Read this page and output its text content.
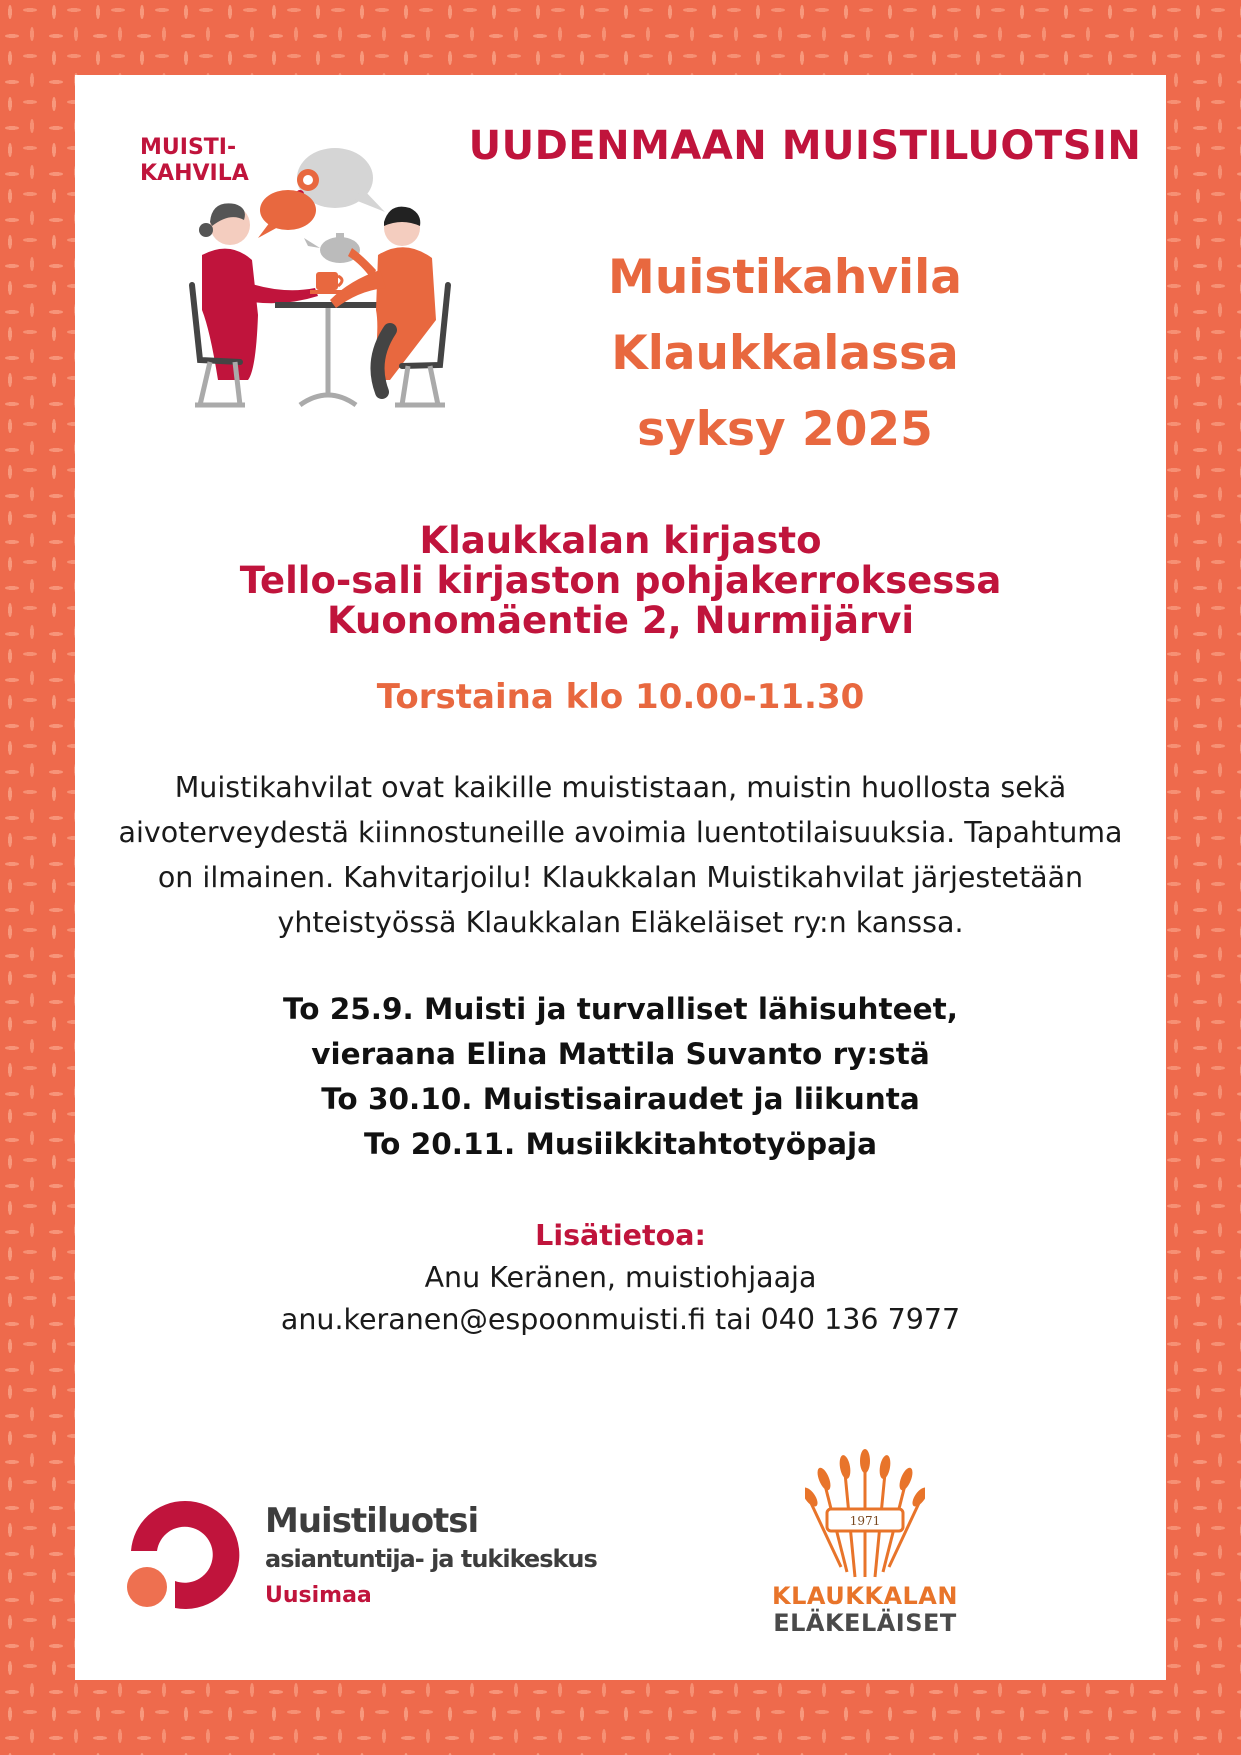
MUISTI-
KAHVILA
UUDENMAAN MUISTILUOTSIN
Muistikahvila
Klaukkalassa
syksy 2025
Klaukkalan kirjasto
Tello-sali kirjaston pohjakerroksessa
Kuonomäentie 2, Nurmijärvi
Torstaina klo 10.00-11.30
Muistikahvilat ovat kaikille muististaan, muistin huollosta sekä aivoterveydestä kiinnostuneille avoimia luentotilaisuuksia. Tapahtuma on ilmainen. Kahvitarjoilu! Klaukkalan Muistikahvilat järjestetään yhteistyössä Klaukkalan Eläkeläiset ry:n kanssa.
To 25.9. Muisti ja turvalliset lähisuhteet,
vieraana Elina Mattila Suvanto ry:stä
To 30.10. Muistisairaudet ja liikunta
To 20.11. Musiikkitahtotyöpaja
Lisätietoa:
Anu Keränen, muistiohjaaja
anu.keranen@espoonmuisti.fi tai 040 136 7977
Muistiluotsi
asiantuntija- ja tukikeskus
Uusimaa
1971
KLAUKKALAN
ELÄKELÄISET
